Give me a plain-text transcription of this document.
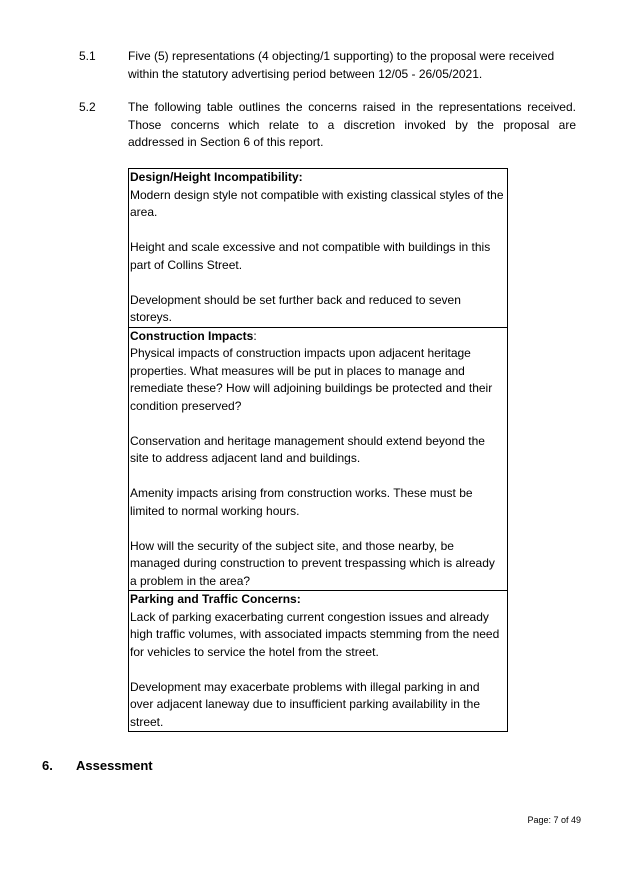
5.1	Five (5) representations (4 objecting/1 supporting) to the proposal were received
within the statutory advertising period between 12/05 - 26/05/2021.
5.2	The following table outlines the concerns raised in the representations received.
Those concerns which relate to a discretion invoked by the proposal are
addressed in Section 6 of this report.
Design/Height Incompatibility:
Modern design style not compatible with existing classical styles of the area.
Height and scale excessive and not compatible with buildings in this part of Collins Street.
Development should be set further back and reduced to seven storeys.

Construction Impacts:
Physical impacts of construction impacts upon adjacent heritage properties. What measures will be put in places to manage and remediate these? How will adjoining buildings be protected and their condition preserved?
Conservation and heritage management should extend beyond the site to address adjacent land and buildings.
Amenity impacts arising from construction works. These must be limited to normal working hours.
How will the security of the subject site, and those nearby, be managed during construction to prevent trespassing which is already a problem in the area?

Parking and Traffic Concerns:
Lack of parking exacerbating current congestion issues and already high traffic volumes, with associated impacts stemming from the need for vehicles to service the hotel from the street.
Development may exacerbate problems with illegal parking in and over adjacent laneway due to insufficient parking availability in the street.
6. Assessment
Page: 7 of 49
